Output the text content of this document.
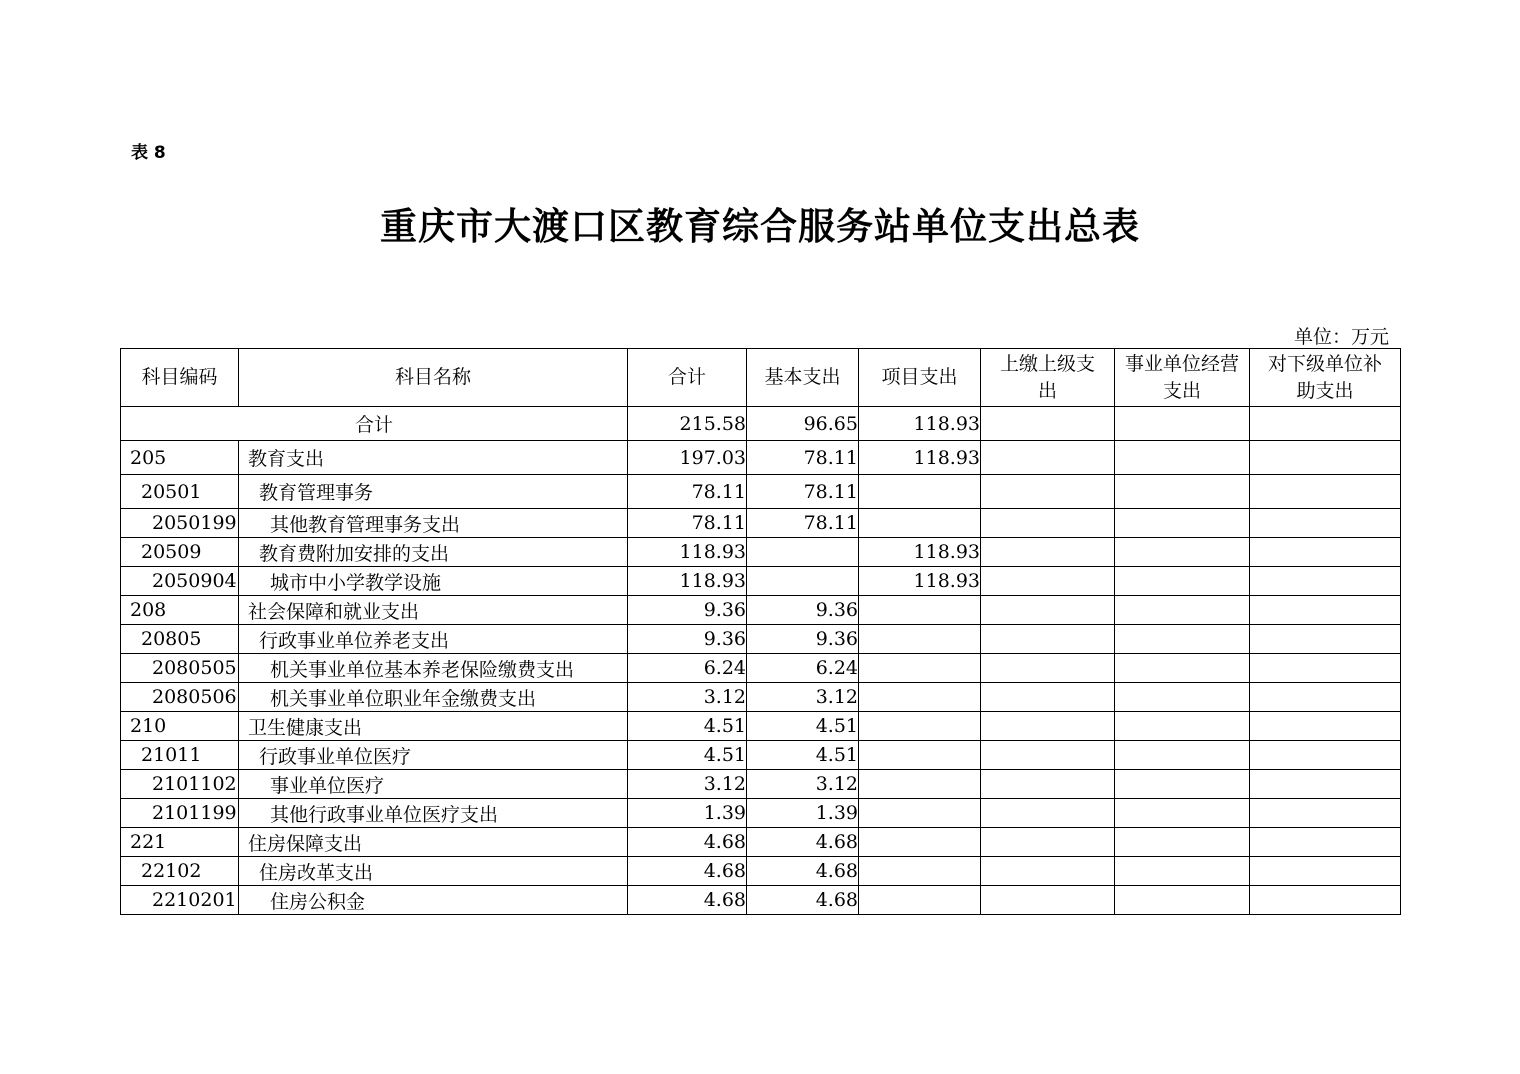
表 8
重庆市大渡口区教育综合服务站单位支出总表
单位：万元
科目编码	科目名称	合计	基本支出	项目支出	上缴上级支出	事业单位经营支出	对下级单位补助支出
合计		215.58	96.65	118.93			
205	教育支出	197.03	78.11	118.93			
20501	教育管理事务	78.11	78.11				
2050199	其他教育管理事务支出	78.11	78.11				
20509	教育费附加安排的支出	118.93		118.93			
2050904	城市中小学教学设施	118.93		118.93			
208	社会保障和就业支出	9.36	9.36				
20805	行政事业单位养老支出	9.36	9.36				
2080505	机关事业单位基本养老保险缴费支出	6.24	6.24				
2080506	机关事业单位职业年金缴费支出	3.12	3.12				
210	卫生健康支出	4.51	4.51				
21011	行政事业单位医疗	4.51	4.51				
2101102	事业单位医疗	3.12	3.12				
2101199	其他行政事业单位医疗支出	1.39	1.39				
221	住房保障支出	4.68	4.68				
22102	住房改革支出	4.68	4.68				
2210201	住房公积金	4.68	4.68				
